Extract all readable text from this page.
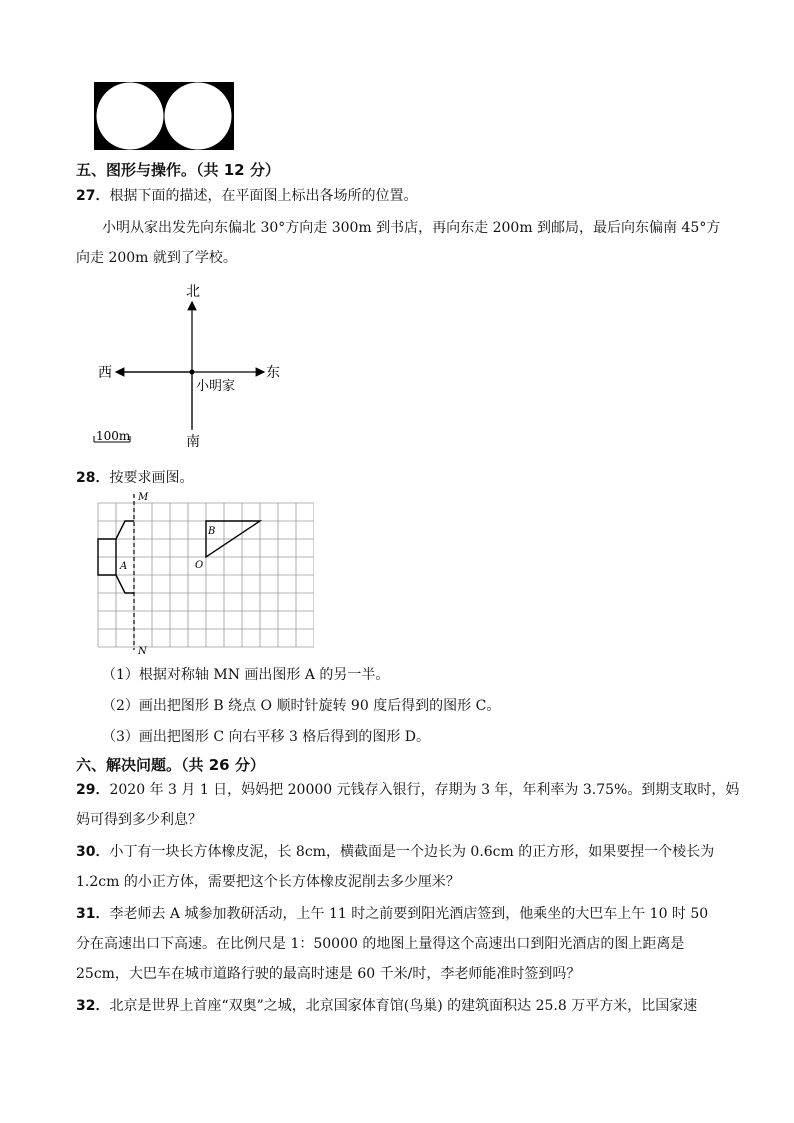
五、图形与操作。（共 12 分）
27．根据下面的描述，在平面图上标出各场所的位置。
小明从家出发先向东偏北 30°方向走 300m 到书店，再向东走 200m 到邮局，最后向东偏南 45°方
向走 200m 就到了学校。
北
南
东
西
小明家
100m
28．按要求画图。
M
N
A
B
O
（1）根据对称轴 MN 画出图形 A 的另一半。
（2）画出把图形 B 绕点 O 顺时针旋转 90 度后得到的图形 C。
（3）画出把图形 C 向右平移 3 格后得到的图形 D。
六、解决问题。（共 26 分）
29．2020 年 3 月 1 日，妈妈把 20000 元钱存入银行，存期为 3 年，年利率为 3.75%。到期支取时，妈
妈可得到多少利息？
30．小丁有一块长方体橡皮泥，长 8cm，横截面是一个边长为 0.6cm 的正方形，如果要捏一个棱长为
1.2cm 的小正方体，需要把这个长方体橡皮泥削去多少厘米？
31．李老师去 A 城参加教研活动，上午 11 时之前要到阳光酒店签到，他乘坐的大巴车上午 10 时 50
分在高速出口下高速。在比例尺是 1：50000 的地图上量得这个高速出口到阳光酒店的图上距离是
25cm，大巴车在城市道路行驶的最高时速是 60 千米/时，李老师能准时签到吗？
32．北京是世界上首座“双奥”之城，北京国家体育馆(鸟巢) 的建筑面积达 25.8 万平方米，比国家速
